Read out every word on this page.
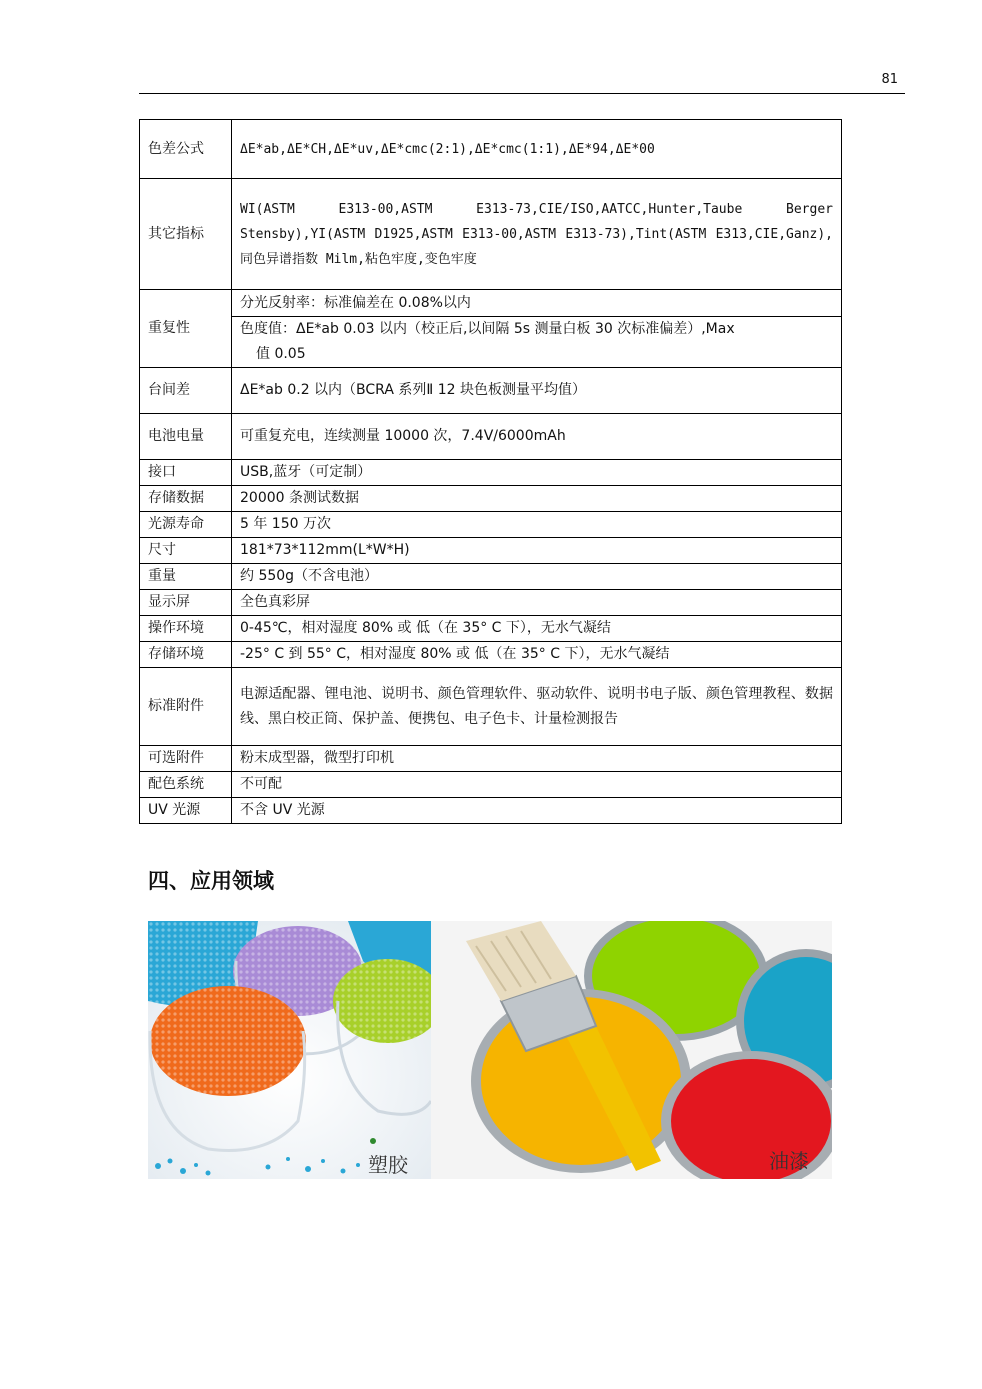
81
色差公式	ΔE*ab,ΔE*CH,ΔE*uv,ΔE*cmc(2:1),ΔE*cmc(1:1),ΔE*94,ΔE*00
其它指标	WI(ASTM E313-00,ASTM E313-73,CIE/ISO,AATCC,Hunter,Taube Berger Stensby),YI(ASTM D1925,ASTM E313-00,ASTM E313-73),Tint(ASTM E313,CIE,Ganz),同色异谱指数 Milm,粘色牢度,变色牢度
重复性	分光反射率：标准偏差在 0.08%以内
色度值：ΔE*ab 0.03 以内（校正后,以间隔 5s 测量白板 30 次标准偏差）,Max
值 0.05

台间差	ΔE*ab 0.2 以内（BCRA 系列Ⅱ 12 块色板测量平均值）
电池电量	可重复充电，连续测量 10000 次，7.4V/6000mAh
接口	USB,蓝牙（可定制）
存储数据	20000 条测试数据
光源寿命	5 年 150 万次
尺寸	181*73*112mm(L*W*H)
重量	约 550g（不含电池）
显示屏	全色真彩屏
操作环境	0-45℃，相对湿度 80% 或 低（在 35° C 下），无水气凝结
存储环境	-25° C 到 55° C，相对湿度 80% 或 低（在 35° C 下），无水气凝结
标准附件	电源适配器、锂电池、说明书、颜色管理软件、驱动软件、说明书电子版、颜色管理教程、数据线、黑白校正筒、保护盖、便携包、电子色卡、计量检测报告
可选附件	粉末成型器，微型打印机
配色系统	不可配
UV 光源	不含 UV 光源
四、应用领域
塑胶	油漆
